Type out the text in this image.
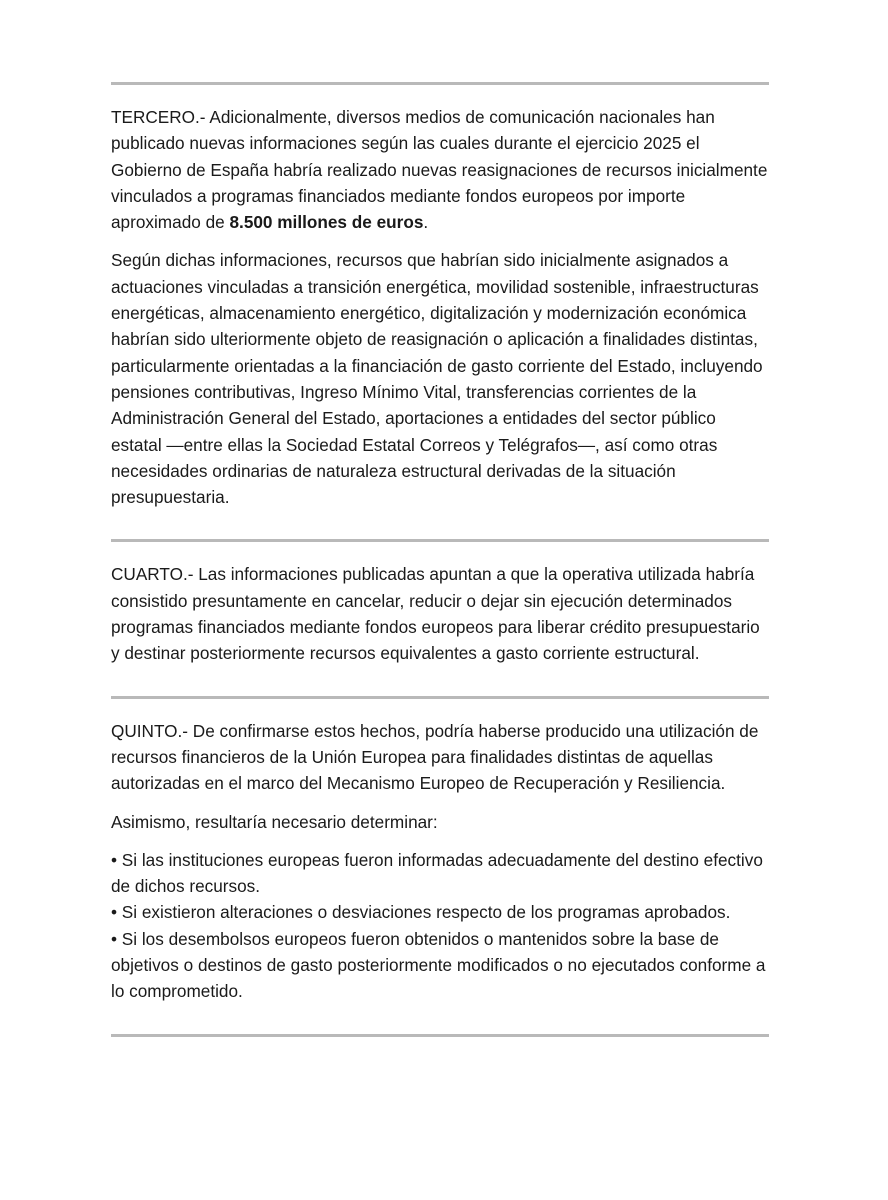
TERCERO.- Adicionalmente, diversos medios de comunicación nacionales han publicado nuevas informaciones según las cuales durante el ejercicio 2025 el Gobierno de España habría realizado nuevas reasignaciones de recursos inicialmente vinculados a programas financiados mediante fondos europeos por importe aproximado de 8.500 millones de euros.

Según dichas informaciones, recursos que habrían sido inicialmente asignados a actuaciones vinculadas a transición energética, movilidad sostenible, infraestructuras energéticas, almacenamiento energético, digitalización y modernización económica habrían sido ulteriormente objeto de reasignación o aplicación a finalidades distintas, particularmente orientadas a la financiación de gasto corriente del Estado, incluyendo pensiones contributivas, Ingreso Mínimo Vital, transferencias corrientes de la Administración General del Estado, aportaciones a entidades del sector público estatal —entre ellas la Sociedad Estatal Correos y Telégrafos—, así como otras necesidades ordinarias de naturaleza estructural derivadas de la situación presupuestaria.

CUARTO.- Las informaciones publicadas apuntan a que la operativa utilizada habría consistido presuntamente en cancelar, reducir o dejar sin ejecución determinados programas financiados mediante fondos europeos para liberar crédito presupuestario y destinar posteriormente recursos equivalentes a gasto corriente estructural.

QUINTO.- De confirmarse estos hechos, podría haberse producido una utilización de recursos financieros de la Unión Europea para finalidades distintas de aquellas autorizadas en el marco del Mecanismo Europeo de Recuperación y Resiliencia.

Asimismo, resultaría necesario determinar:

• Si las instituciones europeas fueron informadas adecuadamente del destino efectivo de dichos recursos.
• Si existieron alteraciones o desviaciones respecto de los programas aprobados.
• Si los desembolsos europeos fueron obtenidos o mantenidos sobre la base de objetivos o destinos de gasto posteriormente modificados o no ejecutados conforme a lo comprometido.
